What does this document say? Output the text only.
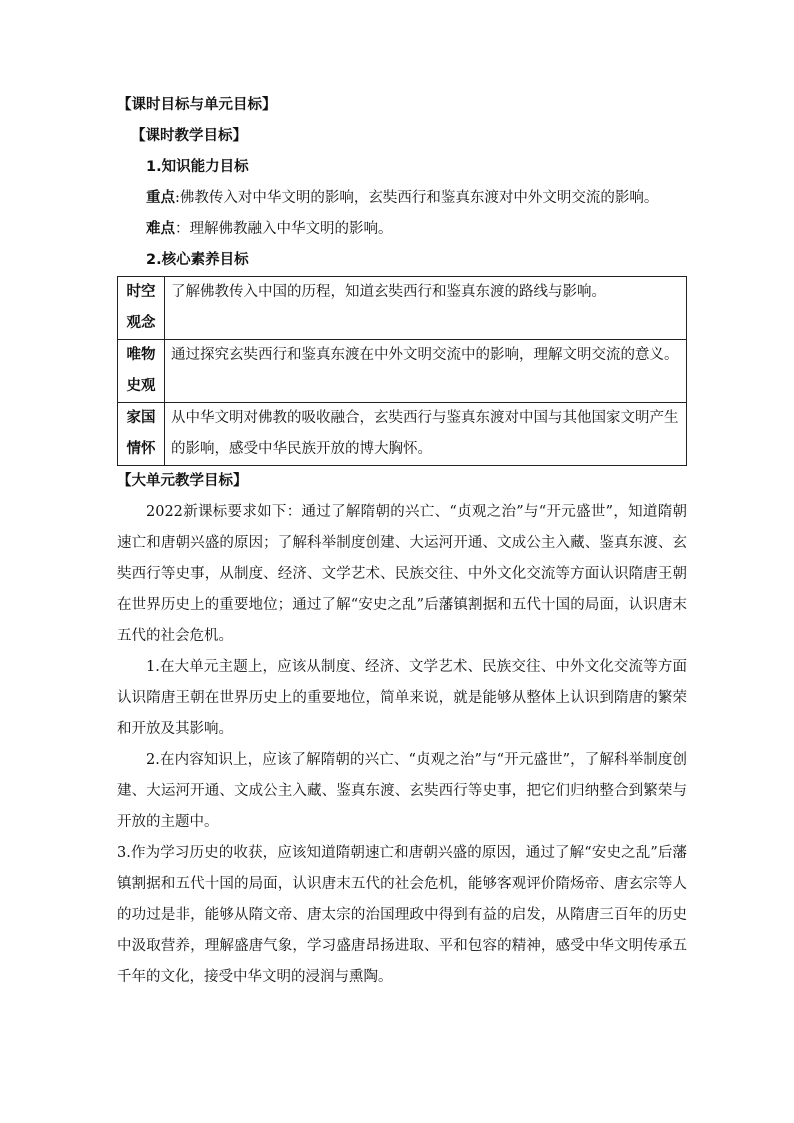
【课时目标与单元目标】
【课时教学目标】
1.知识能力目标

重点:佛教传入对中华文明的影响，玄奘西行和鉴真东渡对中外文明交流的影响。

难点：理解佛教融入中华文明的影响。

2.核心素养目标
时空观念	了解佛教传入中国的历程，知道玄奘西行和鉴真东渡的路线与影响。
唯物史观	通过探究玄奘西行和鉴真东渡在中外文明交流中的影响，理解文明交流的意义。
家国情怀	从中华文明对佛教的吸收融合，玄奘西行与鉴真东渡对中国与其他国家文明产生的影响，感受中华民族开放的博大胸怀。
【大单元教学目标】

2022新课标要求如下：通过了解隋朝的兴亡、“贞观之治”与“开元盛世”，知道隋朝速亡和唐朝兴盛的原因；了解科举制度创建、大运河开通、文成公主入藏、鉴真东渡、玄奘西行等史事，从制度、经济、文学艺术、民族交往、中外文化交流等方面认识隋唐王朝在世界历史上的重要地位；通过了解“安史之乱”后藩镇割据和五代十国的局面，认识唐末五代的社会危机。

1.在大单元主题上，应该从制度、经济、文学艺术、民族交往、中外文化交流等方面认识隋唐王朝在世界历史上的重要地位，简单来说，就是能够从整体上认识到隋唐的繁荣和开放及其影响。

2.在内容知识上，应该了解隋朝的兴亡、“贞观之治”与“开元盛世”，了解科举制度创建、大运河开通、文成公主入藏、鉴真东渡、玄奘西行等史事，把它们归纳整合到繁荣与开放的主题中。

3.作为学习历史的收获，应该知道隋朝速亡和唐朝兴盛的原因，通过了解“安史之乱”后藩镇割据和五代十国的局面，认识唐末五代的社会危机，能够客观评价隋炀帝、唐玄宗等人的功过是非，能够从隋文帝、唐太宗的治国理政中得到有益的启发，从隋唐三百年的历史中汲取营养，理解盛唐气象，学习盛唐昂扬进取、平和包容的精神，感受中华文明传承五千年的文化，接受中华文明的浸润与熏陶。
